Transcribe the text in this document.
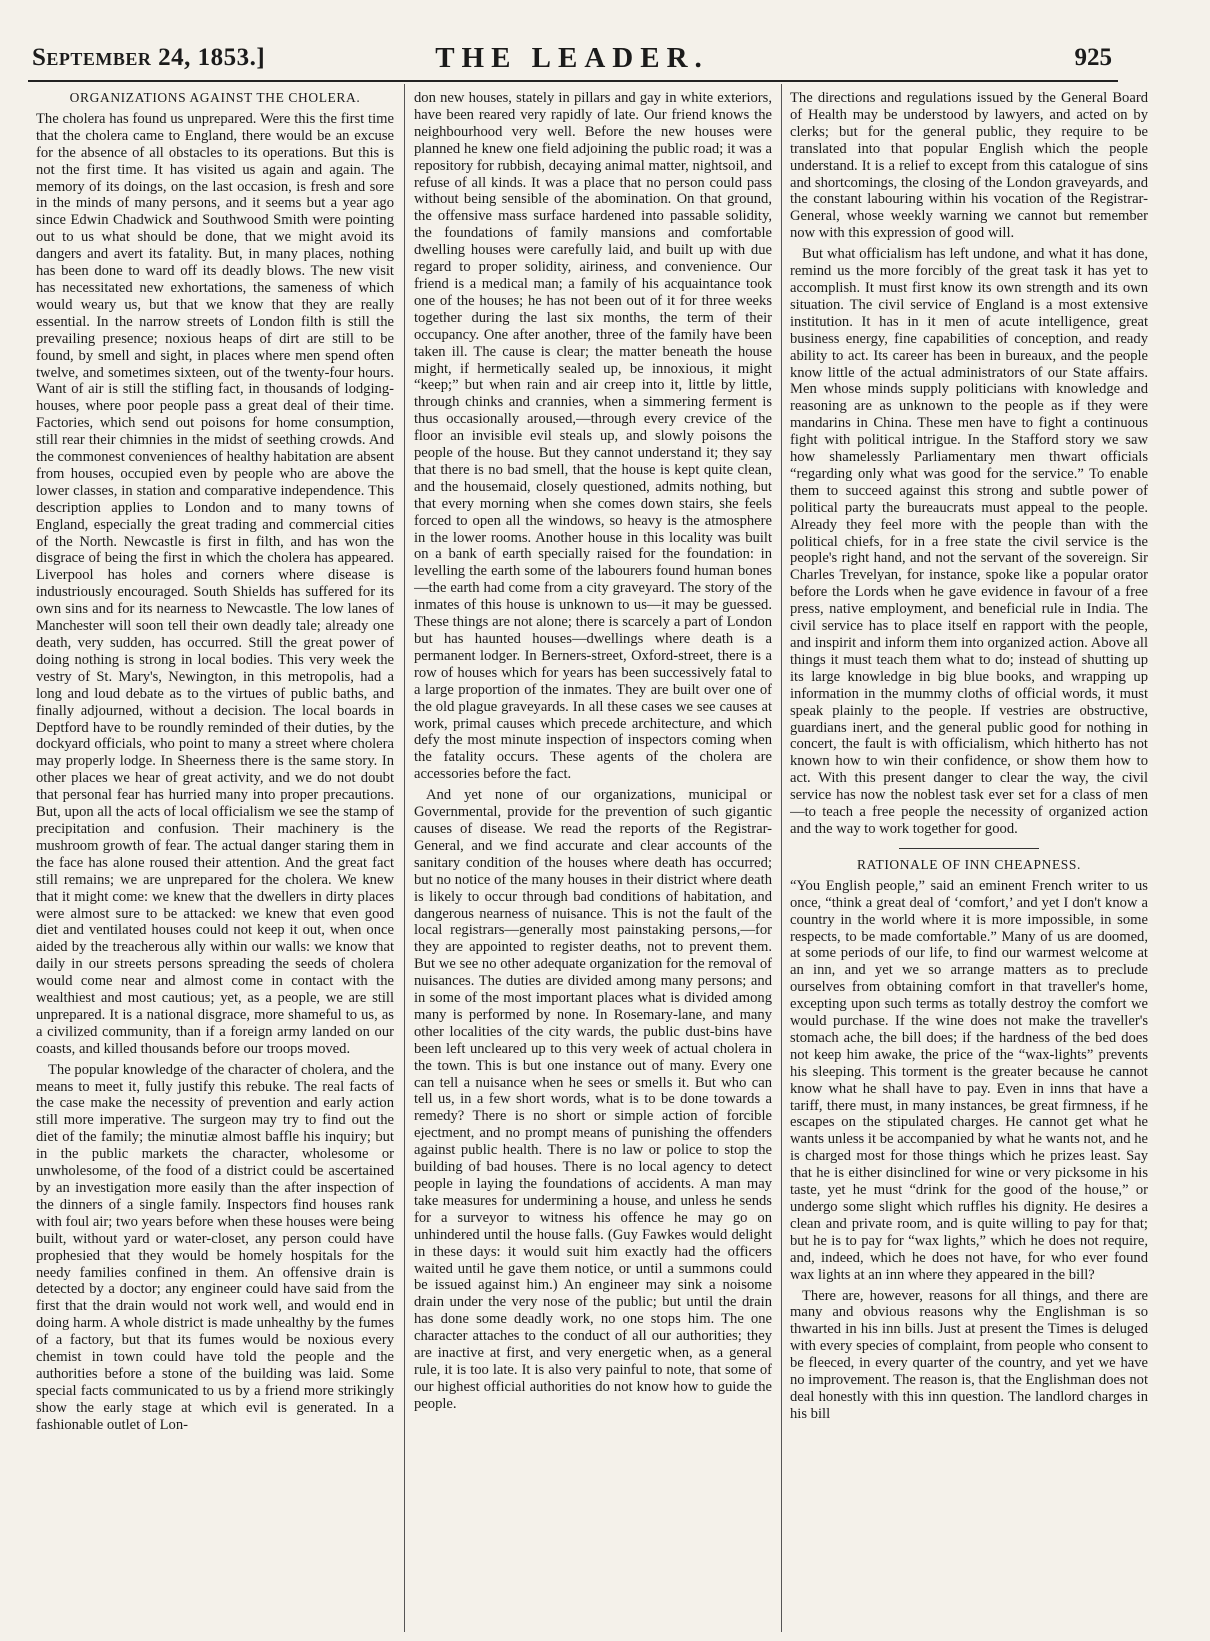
September 24, 1853.]	THE LEADER.	925
ORGANIZATIONS AGAINST THE CHOLERA.

The cholera has found us unprepared. Were this the first time that the cholera came to England, there would be an excuse for the absence of all obstacles to its operations. But this is not the first time. It has visited us again and again. The memory of its doings, on the last occasion, is fresh and sore in the minds of many persons, and it seems but a year ago since Edwin Chadwick and Southwood Smith were pointing out to us what should be done, that we might avoid its dangers and avert its fatality. But, in many places, nothing has been done to ward off its deadly blows. The new visit has necessitated new exhortations, the sameness of which would weary us, but that we know that they are really essential. In the narrow streets of London filth is still the prevailing presence; noxious heaps of dirt are still to be found, by smell and sight, in places where men spend often twelve, and sometimes sixteen, out of the twenty-four hours. Want of air is still the stifling fact, in thousands of lodging-houses, where poor people pass a great deal of their time. Factories, which send out poisons for home consumption, still rear their chimnies in the midst of seething crowds. And the commonest conveniences of healthy habitation are absent from houses, occupied even by people who are above the lower classes, in station and comparative independence. This description applies to London and to many towns of England, especially the great trading and commercial cities of the North. Newcastle is first in filth, and has won the disgrace of being the first in which the cholera has appeared. Liverpool has holes and corners where disease is industriously encouraged. South Shields has suffered for its own sins and for its nearness to Newcastle. The low lanes of Manchester will soon tell their own deadly tale; already one death, very sudden, has occurred. Still the great power of doing nothing is strong in local bodies. This very week the vestry of St. Mary's, Newington, in this metropolis, had a long and loud debate as to the virtues of public baths, and finally adjourned, without a decision. The local boards in Deptford have to be roundly reminded of their duties, by the dockyard officials, who point to many a street where cholera may properly lodge. In Sheerness there is the same story. In other places we hear of great activity, and we do not doubt that personal fear has hurried many into proper precautions. But, upon all the acts of local officialism we see the stamp of precipitation and confusion. Their machinery is the mushroom growth of fear. The actual danger staring them in the face has alone roused their attention. And the great fact still remains; we are unprepared for the cholera. We knew that it might come: we knew that the dwellers in dirty places were almost sure to be attacked: we knew that even good diet and ventilated houses could not keep it out, when once aided by the treacherous ally within our walls: we know that daily in our streets persons spreading the seeds of cholera would come near and almost come in contact with the wealthiest and most cautious; yet, as a people, we are still unprepared. It is a national disgrace, more shameful to us, as a civilized community, than if a foreign army landed on our coasts, and killed thousands before our troops moved.

The popular knowledge of the character of cholera, and the means to meet it, fully justify this rebuke. The real facts of the case make the necessity of prevention and early action still more imperative. The surgeon may try to find out the diet of the family; the minutiæ almost baffle his inquiry; but in the public markets the character, wholesome or unwholesome, of the food of a district could be ascertained by an investigation more easily than the after inspection of the dinners of a single family. Inspectors find houses rank with foul air; two years before when these houses were being built, without yard or water-closet, any person could have prophesied that they would be homely hospitals for the needy families confined in them. An offensive drain is detected by a doctor; any engineer could have said from the first that the drain would not work well, and would end in doing harm. A whole district is made unhealthy by the fumes of a factory, but that its fumes would be noxious every chemist in town could have told the people and the authorities before a stone of the building was laid. Some special facts communicated to us by a friend more strikingly show the early stage at which evil is generated. In a fashionable outlet of Lon-

don new houses, stately in pillars and gay in white exteriors, have been reared very rapidly of late. Our friend knows the neighbourhood very well. Before the new houses were planned he knew one field adjoining the public road; it was a repository for rubbish, decaying animal matter, nightsoil, and refuse of all kinds. It was a place that no person could pass without being sensible of the abomination. On that ground, the offensive mass surface hardened into passable solidity, the foundations of family mansions and comfortable dwelling houses were carefully laid, and built up with due regard to proper solidity, airiness, and convenience. Our friend is a medical man; a family of his acquaintance took one of the houses; he has not been out of it for three weeks together during the last six months, the term of their occupancy. One after another, three of the family have been taken ill. The cause is clear; the matter beneath the house might, if hermetically sealed up, be innoxious, it might “keep;” but when rain and air creep into it, little by little, through chinks and crannies, when a simmering ferment is thus occasionally aroused,—through every crevice of the floor an invisible evil steals up, and slowly poisons the people of the house. But they cannot understand it; they say that there is no bad smell, that the house is kept quite clean, and the housemaid, closely questioned, admits nothing, but that every morning when she comes down stairs, she feels forced to open all the windows, so heavy is the atmosphere in the lower rooms. Another house in this locality was built on a bank of earth specially raised for the foundation: in levelling the earth some of the labourers found human bones—the earth had come from a city graveyard. The story of the inmates of this house is unknown to us—it may be guessed. These things are not alone; there is scarcely a part of London but has haunted houses—dwellings where death is a permanent lodger. In Berners-street, Oxford-street, there is a row of houses which for years has been successively fatal to a large proportion of the inmates. They are built over one of the old plague graveyards. In all these cases we see causes at work, primal causes which precede architecture, and which defy the most minute inspection of inspectors coming when the fatality occurs. These agents of the cholera are accessories before the fact.

And yet none of our organizations, municipal or Governmental, provide for the prevention of such gigantic causes of disease. We read the reports of the Registrar-General, and we find accurate and clear accounts of the sanitary condition of the houses where death has occurred; but no notice of the many houses in their district where death is likely to occur through bad conditions of habitation, and dangerous nearness of nuisance. This is not the fault of the local registrars—generally most painstaking persons,—for they are appointed to register deaths, not to prevent them. But we see no other adequate organization for the removal of nuisances. The duties are divided among many persons; and in some of the most important places what is divided among many is performed by none. In Rosemary-lane, and many other localities of the city wards, the public dust-bins have been left uncleared up to this very week of actual cholera in the town. This is but one instance out of many. Every one can tell a nuisance when he sees or smells it. But who can tell us, in a few short words, what is to be done towards a remedy? There is no short or simple action of forcible ejectment, and no prompt means of punishing the offenders against public health. There is no law or police to stop the building of bad houses. There is no local agency to detect people in laying the foundations of accidents. A man may take measures for undermining a house, and unless he sends for a surveyor to witness his offence he may go on unhindered until the house falls. (Guy Fawkes would delight in these days: it would suit him exactly had the officers waited until he gave them notice, or until a summons could be issued against him.) An engineer may sink a noisome drain under the very nose of the public; but until the drain has done some deadly work, no one stops him. The one character attaches to the conduct of all our authorities; they are inactive at first, and very energetic when, as a general rule, it is too late. It is also very painful to note, that some of our highest official authorities do not know how to guide the people.

The directions and regulations issued by the General Board of Health may be understood by lawyers, and acted on by clerks; but for the general public, they require to be translated into that popular English which the people understand. It is a relief to except from this catalogue of sins and shortcomings, the closing of the London graveyards, and the constant labouring within his vocation of the Registrar-General, whose weekly warning we cannot but remember now with this expression of good will.

But what officialism has left undone, and what it has done, remind us the more forcibly of the great task it has yet to accomplish. It must first know its own strength and its own situation. The civil service of England is a most extensive institution. It has in it men of acute intelligence, great business energy, fine capabilities of conception, and ready ability to act. Its career has been in bureaux, and the people know little of the actual administrators of our State affairs. Men whose minds supply politicians with knowledge and reasoning are as unknown to the people as if they were mandarins in China. These men have to fight a continuous fight with political intrigue. In the Stafford story we saw how shamelessly Parliamentary men thwart officials “regarding only what was good for the service.” To enable them to succeed against this strong and subtle power of political party the bureaucrats must appeal to the people. Already they feel more with the people than with the political chiefs, for in a free state the civil service is the people's right hand, and not the servant of the sovereign. Sir Charles Trevelyan, for instance, spoke like a popular orator before the Lords when he gave evidence in favour of a free press, native employment, and beneficial rule in India. The civil service has to place itself en rapport with the people, and inspirit and inform them into organized action. Above all things it must teach them what to do; instead of shutting up its large knowledge in big blue books, and wrapping up information in the mummy cloths of official words, it must speak plainly to the people. If vestries are obstructive, guardians inert, and the general public good for nothing in concert, the fault is with officialism, which hitherto has not known how to win their confidence, or show them how to act. With this present danger to clear the way, the civil service has now the noblest task ever set for a class of men—to teach a free people the necessity of organized action and the way to work together for good.

RATIONALE OF INN CHEAPNESS.

“You English people,” said an eminent French writer to us once, “think a great deal of ‘comfort,’ and yet I don't know a country in the world where it is more impossible, in some respects, to be made comfortable.” Many of us are doomed, at some periods of our life, to find our warmest welcome at an inn, and yet we so arrange matters as to preclude ourselves from obtaining comfort in that traveller's home, excepting upon such terms as totally destroy the comfort we would purchase. If the wine does not make the traveller's stomach ache, the bill does; if the hardness of the bed does not keep him awake, the price of the “wax-lights” prevents his sleeping. This torment is the greater because he cannot know what he shall have to pay. Even in inns that have a tariff, there must, in many instances, be great firmness, if he escapes on the stipulated charges. He cannot get what he wants unless it be accompanied by what he wants not, and he is charged most for those things which he prizes least. Say that he is either disinclined for wine or very picksome in his taste, yet he must “drink for the good of the house,” or undergo some slight which ruffles his dignity. He desires a clean and private room, and is quite willing to pay for that; but he is to pay for “wax lights,” which he does not require, and, indeed, which he does not have, for who ever found wax lights at an inn where they appeared in the bill?

There are, however, reasons for all things, and there are many and obvious reasons why the Englishman is so thwarted in his inn bills. Just at present the Times is deluged with every species of complaint, from people who consent to be fleeced, in every quarter of the country, and yet we have no improvement. The reason is, that the Englishman does not deal honestly with this inn question. The landlord charges in his bill
